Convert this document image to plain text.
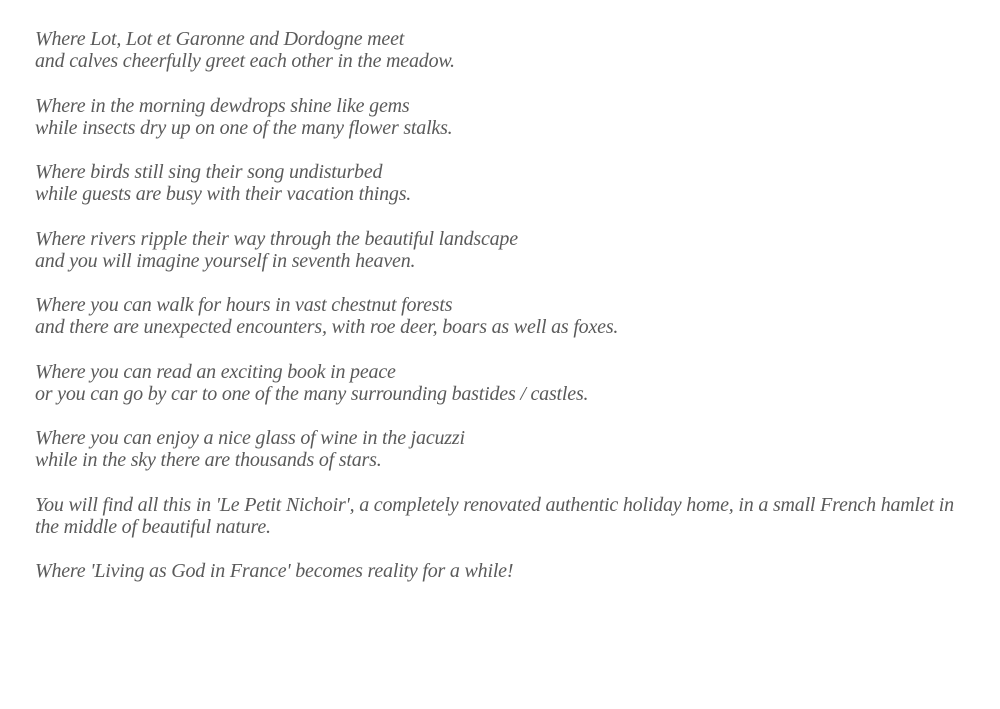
Where Lot, Lot et Garonne and Dordogne meet
and calves cheerfully greet each other in the meadow.

Where in the morning dewdrops shine like gems
while insects dry up on one of the many flower stalks.

Where birds still sing their song undisturbed
while guests are busy with their vacation things.

Where rivers ripple their way through the beautiful landscape
and you will imagine yourself in seventh heaven.

Where you can walk for hours in vast chestnut forests
and there are unexpected encounters, with roe deer, boars as well as foxes.

Where you can read an exciting book in peace
or you can go by car to one of the many surrounding bastides / castles.

Where you can enjoy a nice glass of wine in the jacuzzi
while in the sky there are thousands of stars.

You will find all this in 'Le Petit Nichoir', a completely renovated authentic holiday home, in a small French hamlet in the middle of beautiful nature.

Where 'Living as God in France' becomes reality for a while!
